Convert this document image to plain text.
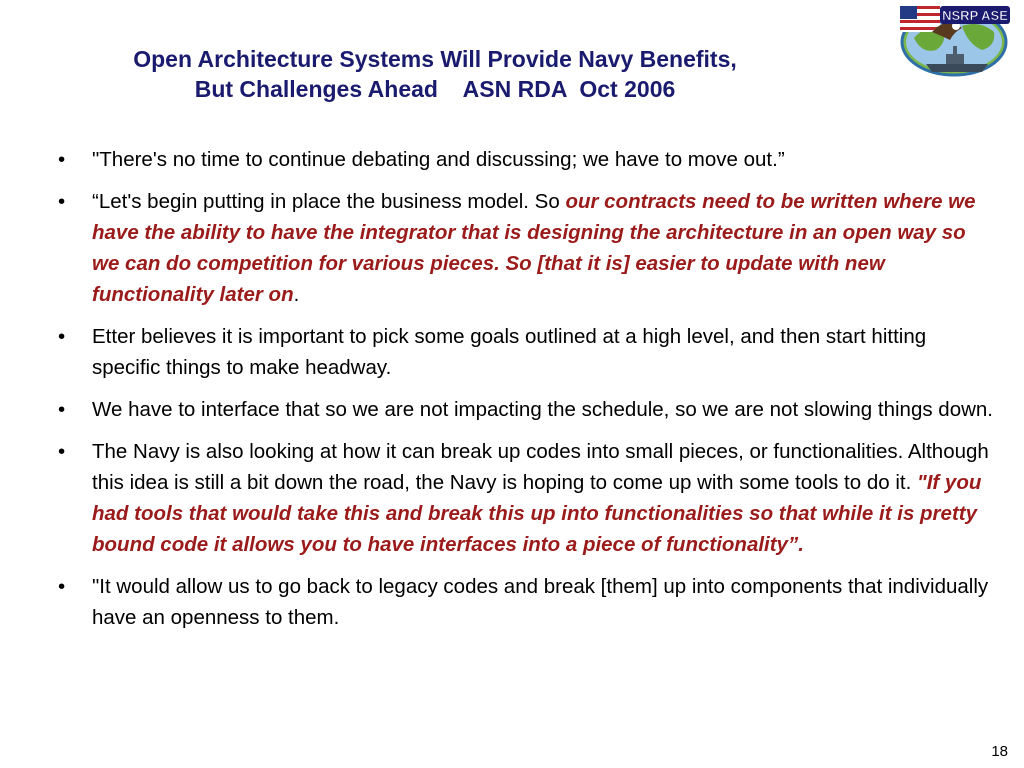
Open Architecture Systems Will Provide Navy Benefits,
But Challenges Ahead    ASN RDA  Oct 2006
NSRP ASE
• "There's no time to continue debating and discussing; we have to move out.”
• “Let's begin putting in place the business model. So our contracts need to be written where we have the ability to have the integrator that is designing the architecture in an open way so we can do competition for various pieces. So [that it is] easier to update with new functionality later on.
• Etter believes it is important to pick some goals outlined at a high level, and then start hitting specific things to make headway.
• We have to interface that so we are not impacting the schedule, so we are not slowing things down.
• The Navy is also looking at how it can break up codes into small pieces, or functionalities. Although this idea is still a bit down the road, the Navy is hoping to come up with some tools to do it. "If you had tools that would take this and break this up into functionalities so that while it is pretty bound code it allows you to have interfaces into a piece of functionality”.
• "It would allow us to go back to legacy codes and break [them] up into components that individually have an openness to them.
18
